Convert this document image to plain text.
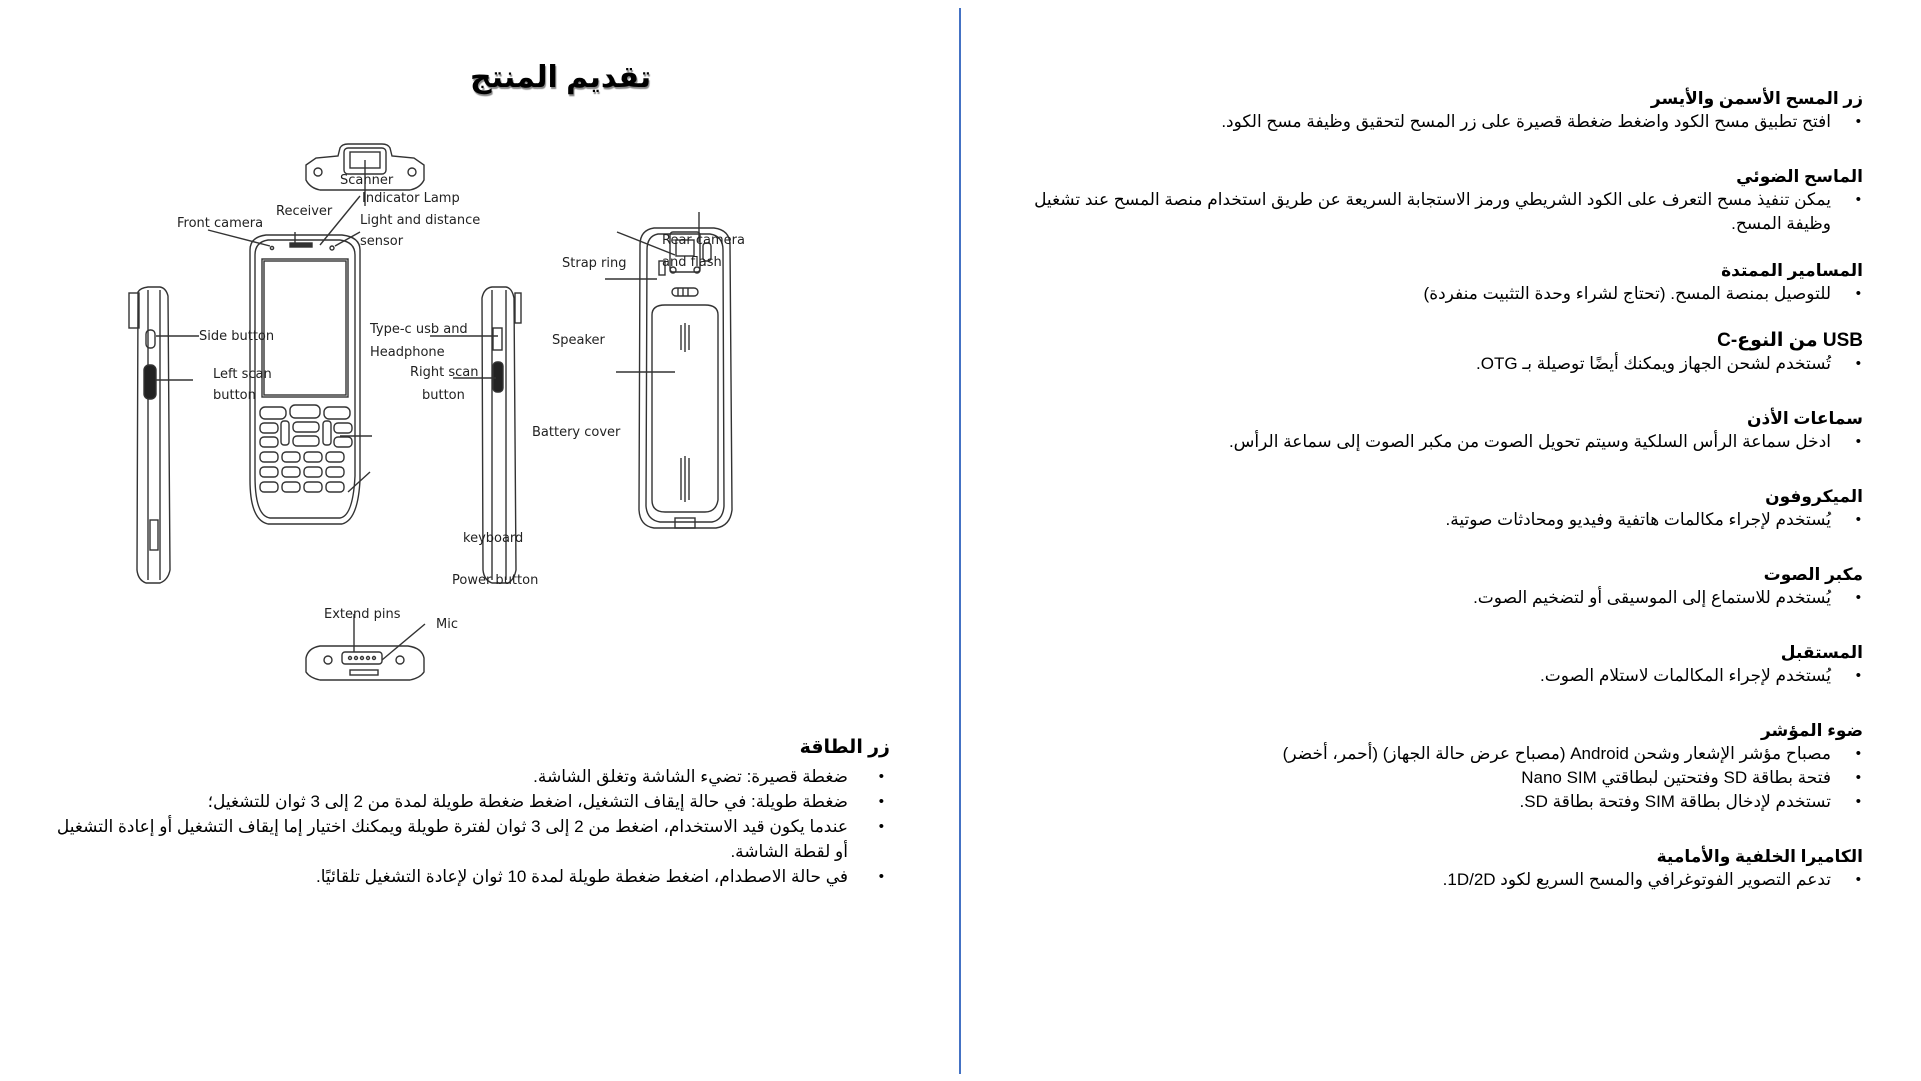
تقديم المنتج
Scanner
Indicator Lamp
Receiver
Front camera	Light and distance
sensor
Side button
Left scan
button
Type-c usb and
Headphone
Right scan
button
Strap ring
Rear camera
and flash
Speaker
Battery cover
keyboard
Power button
Extend pins
Mic
زر الطاقة
• ضغطة قصيرة: تضيء الشاشة وتغلق الشاشة.
• ضغطة طويلة: في حالة إيقاف التشغيل، اضغط ضغطة طويلة لمدة من 2 إلى 3 ثوان للتشغيل؛
• عندما يكون قيد الاستخدام، اضغط من 2 إلى 3 ثوان لفترة طويلة ويمكنك اختيار إما إيقاف التشغيل أو إعادة التشغيل أو لقطة الشاشة.
• في حالة الاصطدام، اضغط ضغطة طويلة لمدة 10 ثوان لإعادة التشغيل تلقائيًا.
زر المسح الأسمن والأيسر
• افتح تطبيق مسح الكود واضغط ضغطة قصيرة على زر المسح لتحقيق وظيفة مسح الكود.
الماسح الضوئي
• يمكن تنفيذ مسح التعرف على الكود الشريطي ورمز الاستجابة السريعة عن طريق استخدام منصة المسح عند تشغيل وظيفة المسح.
المسامير الممتدة
• للتوصيل بمنصة المسح. (تحتاج لشراء وحدة التثبيت منفردة)
USB من النوع-C
• تُستخدم لشحن الجهاز ويمكنك أيضًا توصيلة بـ OTG.
سماعات الأذن
• ادخل سماعة الرأس السلكية وسيتم تحويل الصوت من مكبر الصوت إلى سماعة الرأس.
الميكروفون
• يُستخدم لإجراء مكالمات هاتفية وفيديو ومحادثات صوتية.
مكبر الصوت
• يُستخدم للاستماع إلى الموسيقى أو لتضخيم الصوت.
المستقبل
• يُستخدم لإجراء المكالمات لاستلام الصوت.
ضوء المؤشر
• مصباح مؤشر الإشعار وشحن Android (مصباح عرض حالة الجهاز) (أحمر، أخضر)
• فتحة بطاقة SD وفتحتين لبطاقتي Nano SIM
• تستخدم لإدخال بطاقة SIM وفتحة بطاقة SD.
الكاميرا الخلفية والأمامية
• تدعم التصوير الفوتوغرافي والمسح السريع لكود 1D/2D.
